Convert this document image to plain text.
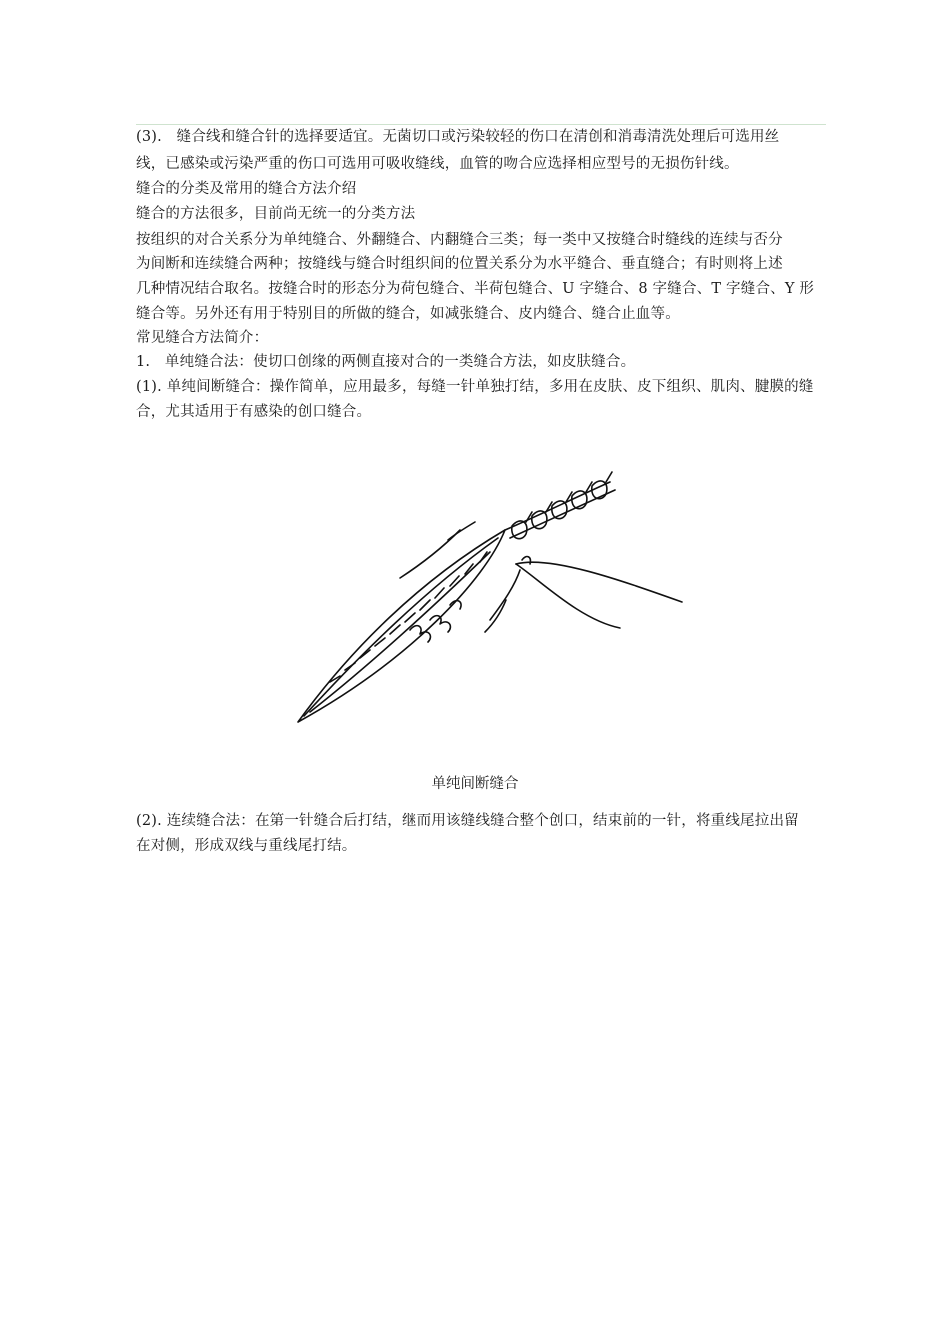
(3).　缝合线和缝合针的选择要适宜。无菌切口或污染较轻的伤口在清创和消毒清洗处理后可选用丝
线，已感染或污染严重的伤口可选用可吸收缝线，血管的吻合应选择相应型号的无损伤针线。
缝合的分类及常用的缝合方法介绍
缝合的方法很多，目前尚无统一的分类方法
按组织的对合关系分为单纯缝合、外翻缝合、内翻缝合三类；每一类中又按缝合时缝线的连续与否分
为间断和连续缝合两种；按缝线与缝合时组织间的位置关系分为水平缝合、垂直缝合；有时则将上述
几种情况结合取名。按缝合时的形态分为荷包缝合、半荷包缝合、U 字缝合、8 字缝合、T 字缝合、Y 形
缝合等。另外还有用于特别目的所做的缝合，如减张缝合、皮内缝合、缝合止血等。
常见缝合方法简介：
1.　单纯缝合法：使切口创缘的两侧直接对合的一类缝合方法，如皮肤缝合。
(1). 单纯间断缝合：操作简单，应用最多，每缝一针单独打结，多用在皮肤、皮下组织、肌肉、腱膜的缝
合，尤其适用于有感染的创口缝合。
单纯间断缝合
(2). 连续缝合法：在第一针缝合后打结，继而用该缝线缝合整个创口，结束前的一针，将重线尾拉出留
在对侧，形成双线与重线尾打结。
